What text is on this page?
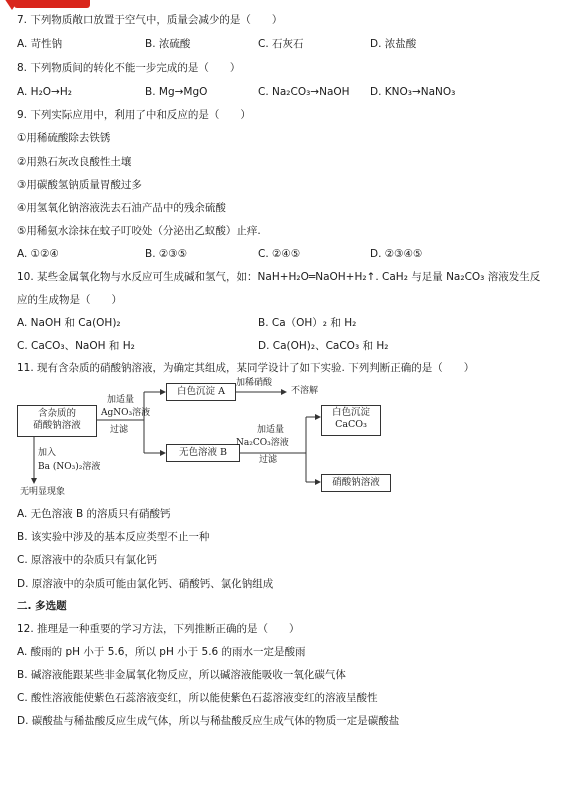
7. 下列物质敞口放置于空气中，质量会减少的是（　　）
A. 苛性钠	B. 浓硫酸	C. 石灰石	D. 浓盐酸
8. 下列物质间的转化不能一步完成的是（　　）
A. H₂O→H₂	B. Mg→MgO	C. Na₂CO₃→NaOH D. KNO₃→NaNO₃
9. 下列实际应用中，利用了中和反应的是（　　）
①用稀硫酸除去铁锈
②用熟石灰改良酸性土壤
③用碳酸氢钠质量胃酸过多
④用氢氧化钠溶液洗去石油产品中的残余硫酸
⑤用稀氨水涂抹在蚊子叮咬处（分泌出乙蚁酸）止痒.
A. ①②④	B. ②③⑤	C. ②④⑤	D. ②③④⑤
10. 某些金属氧化物与水反应可生成碱和氢气，如：NaH+H₂O═NaOH+H₂↑. CaH₂ 与足量 Na₂CO₃ 溶液发生反
应的生成物是（　　）
A. NaOH 和 Ca(OH)₂	B. Ca（OH）₂ 和 H₂
C. CaCO₃、NaOH 和 H₂	D. Ca(OH)₂、CaCO₃ 和 H₂
11. 现有含杂质的硝酸钠溶液，为确定其组成，某同学设计了如下实验. 下列判断正确的是（　　）
含杂质的
硝酸钠溶液
加适量
AgNO₃溶液
过滤
白色沉淀 A
加稀硝酸
不溶解
无色溶液 B
加适量
Na₂CO₃溶液
过滤
白色沉淀
CaCO₃
硝酸钠溶液
加入
Ba (NO₃)₂溶液
无明显现象
A. 无色溶液 B 的溶质只有硝酸钙
B. 该实验中涉及的基本反应类型不止一种
C. 原溶液中的杂质只有氯化钙
D. 原溶液中的杂质可能由氯化钙、硝酸钙、氯化钠组成
二. 多选题
12. 推理是一种重要的学习方法，下列推断正确的是（　　）
A. 酸雨的 pH 小于 5.6，所以 pH 小于 5.6 的雨水一定是酸雨
B. 碱溶液能跟某些非金属氧化物反应，所以碱溶液能吸收一氧化碳气体
C. 酸性溶液能使紫色石蕊溶液变红，所以能使紫色石蕊溶液变红的溶液呈酸性
D. 碳酸盐与稀盐酸反应生成气体，所以与稀盐酸反应生成气体的物质一定是碳酸盐
